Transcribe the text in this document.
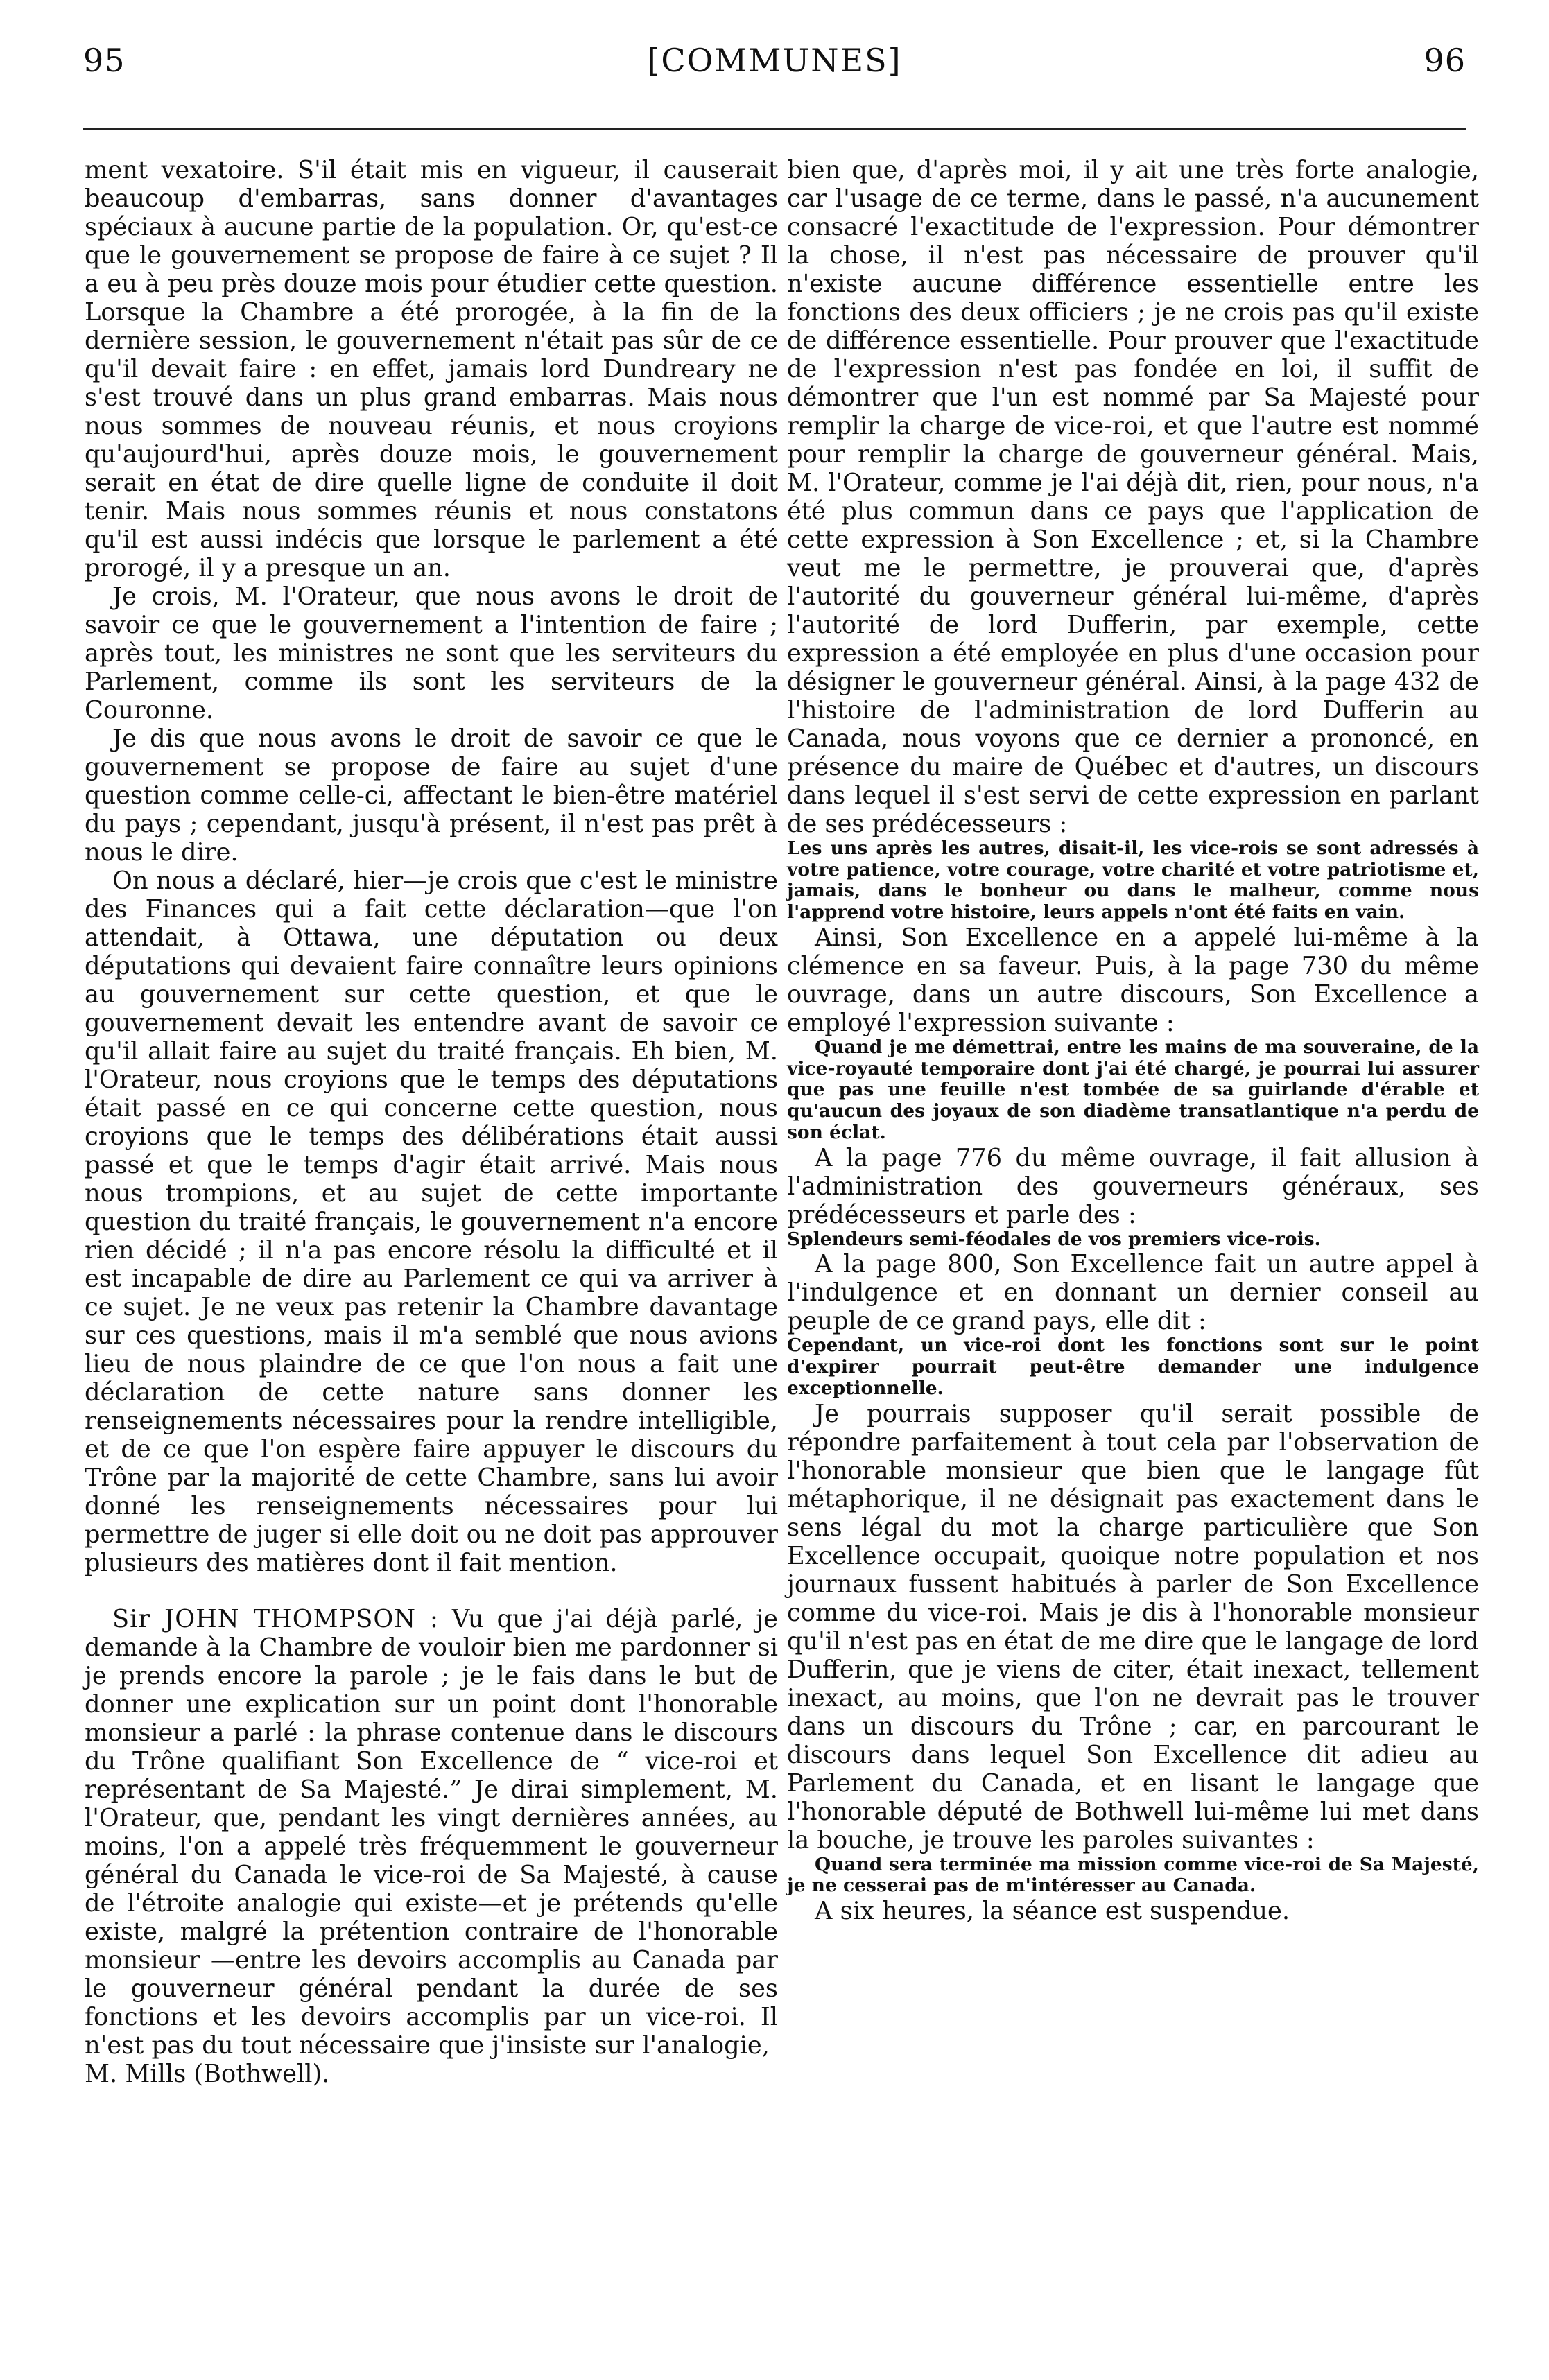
[COMMUNES]
95	96

ment vexatoire. S'il était mis en vigueur, il causerait beaucoup d'embarras, sans donner d'avantages spéciaux à aucune partie de la population. Or, qu'est-ce que le gouvernement se propose de faire à ce sujet ? Il a eu à peu près douze mois pour étudier cette question. Lorsque la Chambre a été prorogée, à la fin de la dernière session, le gouvernement n'était pas sûr de ce qu'il devait faire : en effet, jamais lord Dundreary ne s'est trouvé dans un plus grand embarras. Mais nous nous sommes de nouveau réunis, et nous croyions qu'aujourd'hui, après douze mois, le gouvernement serait en état de dire quelle ligne de conduite il doit tenir. Mais nous sommes réunis et nous constatons qu'il est aussi indécis que lorsque le parlement a été prorogé, il y a presque un an.

Je crois, M. l'Orateur, que nous avons le droit de savoir ce que le gouvernement a l'intention de faire ; après tout, les ministres ne sont que les serviteurs du Parlement, comme ils sont les serviteurs de la Couronne.

Je dis que nous avons le droit de savoir ce que le gouvernement se propose de faire au sujet d'une question comme celle-ci, affectant le bien-être matériel du pays ; cependant, jusqu'à présent, il n'est pas prêt à nous le dire.

On nous a déclaré, hier—je crois que c'est le ministre des Finances qui a fait cette déclaration—que l'on attendait, à Ottawa, une députation ou deux députations qui devaient faire connaître leurs opinions au gouvernement sur cette question, et que le gouvernement devait les entendre avant de savoir ce qu'il allait faire au sujet du traité français. Eh bien, M. l'Orateur, nous croyions que le temps des députations était passé en ce qui concerne cette question, nous croyions que le temps des délibérations était aussi passé et que le temps d'agir était arrivé. Mais nous nous trompions, et au sujet de cette importante question du traité français, le gouvernement n'a encore rien décidé ; il n'a pas encore résolu la difficulté et il est incapable de dire au Parlement ce qui va arriver à ce sujet. Je ne veux pas retenir la Chambre davantage sur ces questions, mais il m'a semblé que nous avions lieu de nous plaindre de ce que l'on nous a fait une déclaration de cette nature sans donner les renseignements nécessaires pour la rendre intelligible, et de ce que l'on espère faire appuyer le discours du Trône par la majorité de cette Chambre, sans lui avoir donné les renseignements nécessaires pour lui permettre de juger si elle doit ou ne doit pas approuver plusieurs des matières dont il fait mention.

Sir JOHN THOMPSON : Vu que j'ai déjà parlé, je demande à la Chambre de vouloir bien me pardonner si je prends encore la parole ; je le fais dans le but de donner une explication sur un point dont l'honorable monsieur a parlé : la phrase contenue dans le discours du Trône qualifiant Son Excellence de “ vice-roi et représentant de Sa Majesté.” Je dirai simplement, M. l'Orateur, que, pendant les vingt dernières années, au moins, l'on a appelé très fréquemment le gouverneur général du Canada le vice-roi de Sa Majesté, à cause de l'étroite analogie qui existe—et je prétends qu'elle existe, malgré la prétention contraire de l'honorable monsieur —entre les devoirs accomplis au Canada par le gouverneur général pendant la durée de ses fonctions et les devoirs accomplis par un vice-roi. Il n'est pas du tout nécessaire que j'insiste sur l'analogie,

M. Mills (Bothwell).

bien que, d'après moi, il y ait une très forte analogie, car l'usage de ce terme, dans le passé, n'a aucunement consacré l'exactitude de l'expression. Pour démontrer la chose, il n'est pas nécessaire de prouver qu'il n'existe aucune différence essentielle entre les fonctions des deux officiers ; je ne crois pas qu'il existe de différence essentielle. Pour prouver que l'exactitude de l'expression n'est pas fondée en loi, il suffit de démontrer que l'un est nommé par Sa Majesté pour remplir la charge de vice-roi, et que l'autre est nommé pour remplir la charge de gouverneur général. Mais, M. l'Orateur, comme je l'ai déjà dit, rien, pour nous, n'a été plus commun dans ce pays que l'application de cette expression à Son Excellence ; et, si la Chambre veut me le permettre, je prouverai que, d'après l'autorité du gouverneur général lui-même, d'après l'autorité de lord Dufferin, par exemple, cette expression a été employée en plus d'une occasion pour désigner le gouverneur général. Ainsi, à la page 432 de l'histoire de l'administration de lord Dufferin au Canada, nous voyons que ce dernier a prononcé, en présence du maire de Québec et d'autres, un discours dans lequel il s'est servi de cette expression en parlant de ses prédécesseurs :

Les uns après les autres, disait-il, les vice-rois se sont adressés à votre patience, votre courage, votre charité et votre patriotisme et, jamais, dans le bonheur ou dans le malheur, comme nous l'apprend votre histoire, leurs appels n'ont été faits en vain.

Ainsi, Son Excellence en a appelé lui-même à la clémence en sa faveur. Puis, à la page 730 du même ouvrage, dans un autre discours, Son Excellence a employé l'expression suivante :

Quand je me démettrai, entre les mains de ma souveraine, de la vice-royauté temporaire dont j'ai été chargé, je pourrai lui assurer que pas une feuille n'est tombée de sa guirlande d'érable et qu'aucun des joyaux de son diadème transatlantique n'a perdu de son éclat.

A la page 776 du même ouvrage, il fait allusion à l'administration des gouverneurs généraux, ses prédécesseurs et parle des :

Splendeurs semi-féodales de vos premiers vice-rois.

A la page 800, Son Excellence fait un autre appel à l'indulgence et en donnant un dernier conseil au peuple de ce grand pays, elle dit :

Cependant, un vice-roi dont les fonctions sont sur le point d'expirer pourrait peut-être demander une indulgence exceptionnelle.

Je pourrais supposer qu'il serait possible de répondre parfaitement à tout cela par l'observation de l'honorable monsieur que bien que le langage fût métaphorique, il ne désignait pas exactement dans le sens légal du mot la charge particulière que Son Excellence occupait, quoique notre population et nos journaux fussent habitués à parler de Son Excellence comme du vice-roi. Mais je dis à l'honorable monsieur qu'il n'est pas en état de me dire que le langage de lord Dufferin, que je viens de citer, était inexact, tellement inexact, au moins, que l'on ne devrait pas le trouver dans un discours du Trône ; car, en parcourant le discours dans lequel Son Excellence dit adieu au Parlement du Canada, et en lisant le langage que l'honorable député de Bothwell lui-même lui met dans la bouche, je trouve les paroles suivantes :

Quand sera terminée ma mission comme vice-roi de Sa Majesté, je ne cesserai pas de m'intéresser au Canada.

A six heures, la séance est suspendue.
